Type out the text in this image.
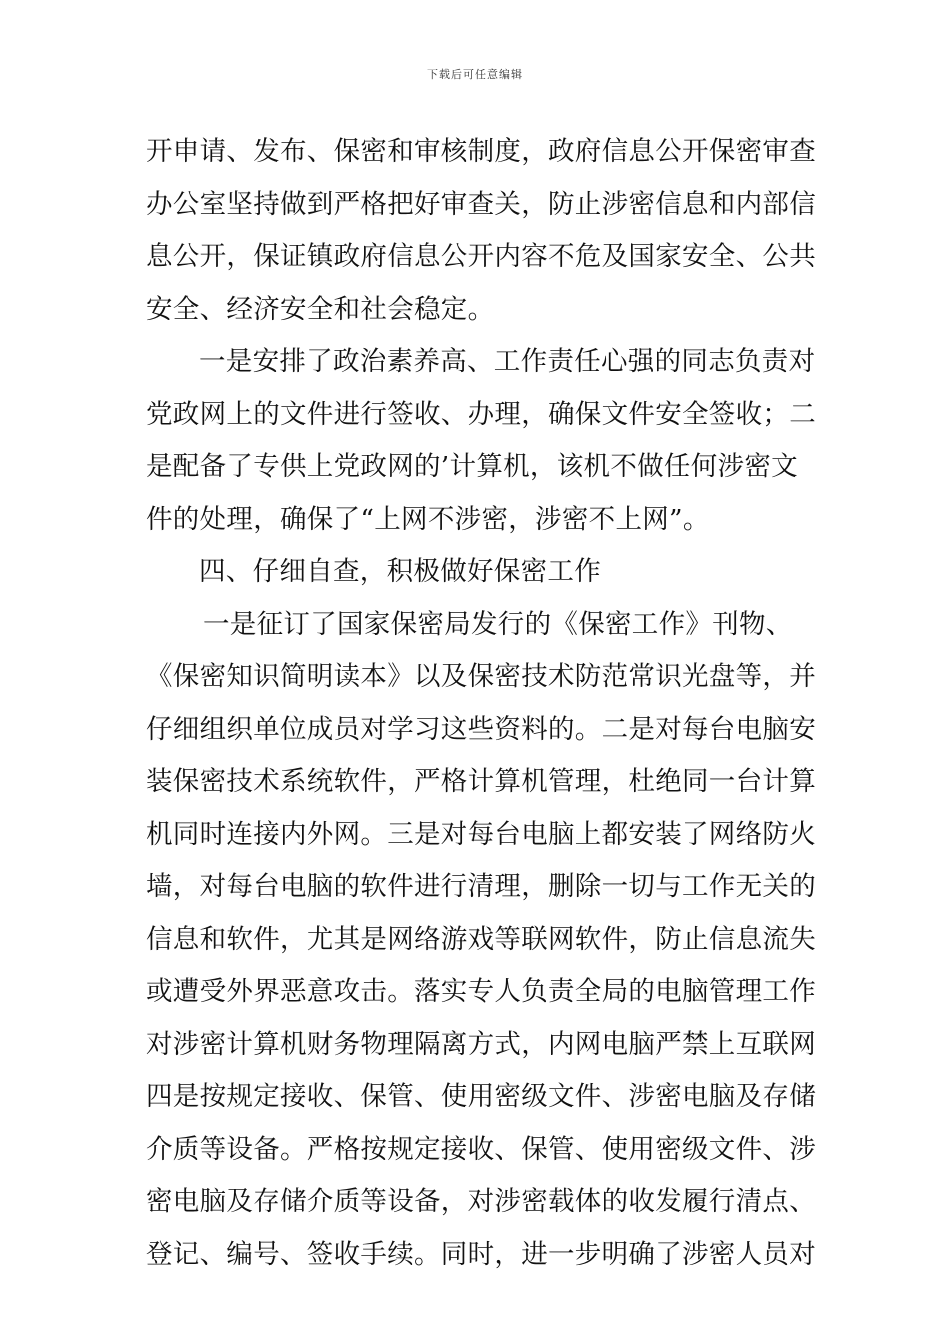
下载后可任意编辑
开申请、发布、保密和审核制度，政府信息公开保密审查
办公室坚持做到严格把好审查关，防止涉密信息和内部信
息公开，保证镇政府信息公开内容不危及国家安全、公共
安全、经济安全和社会稳定。
一是安排了政治素养高、工作责任心强的同志负责对
党政网上的文件进行签收、办理，确保文件安全签收；二
是配备了专供上党政网的’计算机，该机不做任何涉密文
件的处理，确保了“上网不涉密，涉密不上网”。
四、仔细自查，积极做好保密工作
一是征订了国家保密局发行的《保密工作》刊物、
《保密知识简明读本》以及保密技术防范常识光盘等，并
仔细组织单位成员对学习这些资料的。二是对每台电脑安
装保密技术系统软件，严格计算机管理，杜绝同一台计算
机同时连接内外网。三是对每台电脑上都安装了网络防火
墙，对每台电脑的软件进行清理，删除一切与工作无关的
信息和软件，尤其是网络游戏等联网软件，防止信息流失
或遭受外界恶意攻击。落实专人负责全局的电脑管理工作
对涉密计算机财务物理隔离方式，内网电脑严禁上互联网
四是按规定接收、保管、使用密级文件、涉密电脑及存储
介质等设备。严格按规定接收、保管、使用密级文件、涉
密电脑及存储介质等设备，对涉密载体的收发履行清点、
登记、编号、签收手续。同时，进一步明确了涉密人员对
